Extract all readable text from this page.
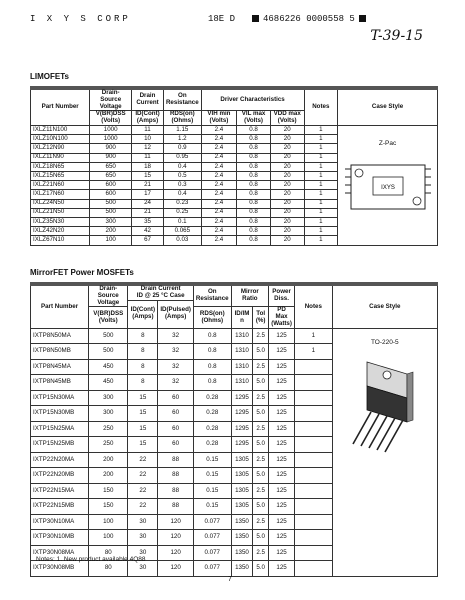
I X Y S CORP	18E D	4686226 0000558 5
T-39-15
LIMOFETs

Part Number	Drain-Source Voltage	Drain Current	On Resistance	Driver Characteristics			Notes	Case Style
	V(BR)DSS (Volts)	ID(Cont) (Amps)	RDS(on) (Ohms)	VIH min (Volts)	VIL max (Volts)	VDD max (Volts)		
IXLZ11N100	1000	11	1.15	2.4	0.8	20	1	Z-Pac
IXYS

IXLZ10N100	1000	10	1.2	2.4	0.8	20	1	
IXLZ12N90	900	12	0.9	2.4	0.8	20	1	
IXLZ11N90	900	11	0.95	2.4	0.8	20	1	
IXLZ18N65	650	18	0.4	2.4	0.8	20	1	
IXLZ15N65	650	15	0.5	2.4	0.8	20	1	
IXLZ21N60	600	21	0.3	2.4	0.8	20	1	
IXLZ17N60	600	17	0.4	2.4	0.8	20	1	
IXLZ24N50	500	24	0.23	2.4	0.8	20	1	
IXLZ21N50	500	21	0.25	2.4	0.8	20	1	
IXLZ35N30	300	35	0.1	2.4	0.8	20	1	
IXLZ42N20	200	42	0.065	2.4	0.8	20	1	
IXLZ67N10	100	67	0.03	2.4	0.8	20	1	
MirrorFET Power MOSFETs

Part Number	Drain-Source Voltage	Drain Current
ID @ 25 °C Case		On Resistance	Mirror Ratio		Power Diss.	Notes	Case Style
		ID(Cont) (Amps)	ID(Pulsed) (Amps)						
	V(BR)DSS (Volts)			RDS(on) (Ohms)	ID/IM n	Tol (%)	PD Max (Watts)		
IXTP8N50MA	500	8	32	0.8	1310	2.5	125	1	TO-220-5

IXTP8N50MB	500	8	32	0.8	1310	5.0	125	1	
IXTP8N45MA	450	8	32	0.8	1310	2.5	125		
IXTP8N45MB	450	8	32	0.8	1310	5.0	125		
IXTP15N30MA	300	15	60	0.28	1295	2.5	125		
IXTP15N30MB	300	15	60	0.28	1295	5.0	125		
IXTP15N25MA	250	15	60	0.28	1295	2.5	125		
IXTP15N25MB	250	15	60	0.28	1295	5.0	125		
IXTP22N20MA	200	22	88	0.15	1305	2.5	125		
IXTP22N20MB	200	22	88	0.15	1305	5.0	125		
IXTP22N15MA	150	22	88	0.15	1305	2.5	125		
IXTP22N15MB	150	22	88	0.15	1305	5.0	125		
IXTP30N10MA	100	30	120	0.077	1350	2.5	125		
IXTP30N10MB	100	30	120	0.077	1350	5.0	125		
IXTP30N08MA	80	30	120	0.077	1350	2.5	125		
IXTP30N08MB	80	30	120	0.077	1350	5.0	125		
Notes: 1. New product available 4Q88
7
